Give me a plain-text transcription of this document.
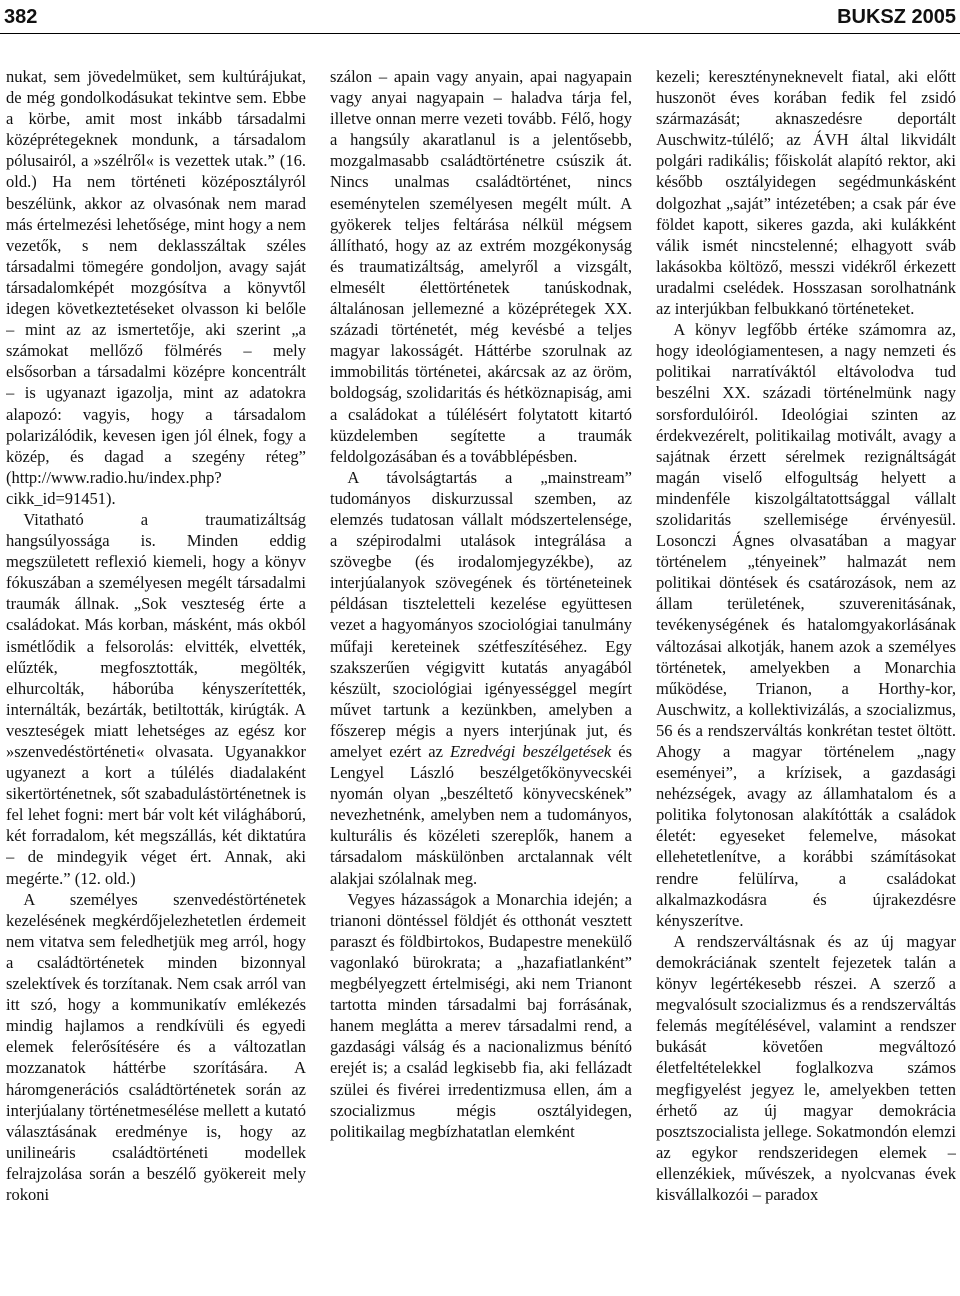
382	BUKSZ 2005

nukat, sem jövedelmüket, sem kultúrájukat, de még gondolkodásukat tekintve sem. Ebbe a körbe, amit most inkább társadalmi középrétegeknek mondunk, a társadalom pólusairól, a »szélről« is vezettek utak.” (16. old.) Ha nem történeti középosztályról beszélünk, akkor az olvasónak nem marad más értelmezési lehetősége, mint hogy a nem vezetők, s nem deklasszáltak széles társadalmi tömegére gondoljon, avagy saját társadalomképét mozgósítva a könyvtől idegen következtetéseket olvasson ki belőle – mint az az ismertetője, aki szerint „a számokat mellőző fölmérés – mely elsősorban a társadalmi középre koncentrált – is ugyanazt igazolja, mint az adatokra alapozó: vagyis, hogy a társadalom polarizálódik, kevesen igen jól élnek, fogy a közép, és dagad a szegény réteg” (http://www.radio.hu/index.php?cikk_id=91451).

Vitatható a traumatizáltság hangsúlyossága is. Minden eddig megszületett reflexió kiemeli, hogy a könyv fókuszában a személyesen megélt társadalmi traumák állnak. „Sok veszteség érte a családokat. Más korban, másként, más okból ismétlődik a felsorolás: elvitték, elvették, elűzték, megfosztották, megölték, elhurcolták, háborúba kényszerítették, internálták, bezárták, betiltották, kirúgták. A veszteségek miatt lehetséges az egész kor »szenvedéstörténeti« olvasata. Ugyanakkor ugyanezt a kort a túlélés diadalaként sikertörténetnek, sőt szabadulástörténetnek is fel lehet fogni: mert bár volt két világháború, két forradalom, két megszállás, két diktatúra – de mindegyik véget ért. Annak, aki megérte.” (12. old.)

A személyes szenvedéstörténetek kezelésének megkérdőjelezhetetlen érdemeit nem vitatva sem feledhetjük meg arról, hogy a családtörténetek minden bizonnyal szelektívek és torzítanak. Nem csak arról van itt szó, hogy a kommunikatív emlékezés mindig hajlamos a rendkívüli és egyedi elemek felerősítésére és a változatlan mozzanatok háttérbe szorítására. A háromgenerációs családtörténetek során az interjúalany történetmesélése mellett a kutató választásának eredménye is, hogy az unilineáris családtörténeti modellek felrajzolása során a beszélő gyökereit mely rokoni

szálon – apain vagy anyain, apai nagyapain vagy anyai nagyapain – haladva tárja fel, illetve onnan merre vezeti tovább. Félő, hogy a hangsúly akaratlanul is a jelentősebb, mozgalmasabb családtörténetre csúszik át. Nincs unalmas családtörténet, nincs eseménytelen személyesen megélt múlt. A gyökerek teljes feltárása nélkül mégsem állítható, hogy az az extrém mozgékonyság és traumatizáltság, amelyről a vizsgált, elmesélt élettörténetek tanúskodnak, általánosan jellemezné a középrétegek XX. századi történetét, még kevésbé a teljes magyar lakosságét. Háttérbe szorulnak az immobilitás történetei, akárcsak az az öröm, boldogság, szolidaritás és hétköznapiság, ami a családokat a túlélésért folytatott kitartó küzdelemben segítette a traumák feldolgozásában és a továbblépésben.

A távolságtartás a „mainstream” tudományos diskurzussal szemben, az elemzés tudatosan vállalt módszertelensége, a szépirodalmi utalások integrálása a szövegbe (és irodalomjegyzékbe), az interjúalanyok szövegének és történeteinek példásan tiszteletteli kezelése együttesen vezet a hagyományos szociológiai tanulmány műfaji kereteinek szétfeszítéséhez. Egy szakszerűen végigvitt kutatás anyagából készült, szociológiai igényességgel megírt művet tartunk a kezünkben, amelyben a főszerep mégis a nyers interjúnak jut, és amelyet ezért az Ezredvégi beszélgetések és Lengyel László beszélgetőkönyvecskéi nyomán olyan „beszéltető könyvecskének” nevezhetnénk, amelyben nem a tudományos, kulturális és közéleti szereplők, hanem a társadalom máskülönben arctalannak vélt alakjai szólalnak meg.

Vegyes házasságok a Monarchia idején; a trianoni döntéssel földjét és otthonát vesztett paraszt és földbirtokos, Budapestre menekülő vagonlakó bürokrata; a „hazafiatlanként” megbélyegzett értelmiségi, aki nem Trianont tartotta minden társadalmi baj forrásának, hanem meglátta a merev társadalmi rend, a gazdasági válság és a nacionalizmus bénító erejét is; a család legkisebb fia, aki fellázadt szülei és fivérei irredentizmusa ellen, ám a szocializmus mégis osztályidegen, politikailag megbízhatatlan elemként

kezeli; keresztényneknevelt fiatal, aki előtt huszonöt éves korában fedik fel zsidó származását; aknaszedésre deportált Auschwitz-túlélő; az ÁVH által likvidált polgári radikális; főiskolát alapító rektor, aki később osztályidegen segédmunkásként dolgozhat „saját” intézetében; a csak pár éve földet kapott, sikeres gazda, aki kulákként válik ismét nincstelenné; elhagyott sváb lakásokba költöző, messzi vidékről érkezett uradalmi cselédek. Hosszasan sorolhatnánk az interjúkban felbukkanó történeteket.

A könyv legfőbb értéke számomra az, hogy ideológiamentesen, a nagy nemzeti és politikai narratíváktól eltávolodva tud beszélni XX. századi történelmünk nagy sorsfordulóiról. Ideológiai szinten az érdekvezérelt, politikailag motivált, avagy a sajátnak érzett sérelmek rezignáltságát magán viselő elfogultság helyett a mindenféle kiszolgáltatottsággal vállalt szolidaritás szellemisége érvényesül. Losonczi Ágnes olvasatában a magyar történelem „tényeinek” halmazát nem politikai döntések és csatározások, nem az állam területének, szuverenitásának, tevékenységének és hatalomgyakorlásának változásai alkotják, hanem azok a személyes történetek, amelyekben a Monarchia működése, Trianon, a Horthy-kor, Auschwitz, a kollektivizálás, a szocializmus, 56 és a rendszerváltás konkrétan testet öltött. Ahogy a magyar történelem „nagy eseményei”, a krízisek, a gazdasági nehézségek, avagy az államhatalom és a politika folytonosan alakítótták a családok életét: egyeseket felemelve, másokat ellehetetlenítve, a korábbi számításokat rendre felülírva, a családokat alkalmazkodásra és újrakezdésre kényszerítve.

A rendszerváltásnak és az új magyar demokráciának szentelt fejezetek talán a könyv legértékesebb részei. A szerző a megvalósult szocializmus és a rendszerváltás felemás megítélésével, valamint a rendszer bukását követően megváltozó életfeltételekkel foglalkozva számos megfigyelést jegyez le, amelyekben tetten érhető az új magyar demokrácia posztszocialista jellege. Sokatmondón elemzi az egykor rendszeridegen elemek – ellenzékiek, művészek, a nyolcvanas évek kisvállalkozói – paradox
